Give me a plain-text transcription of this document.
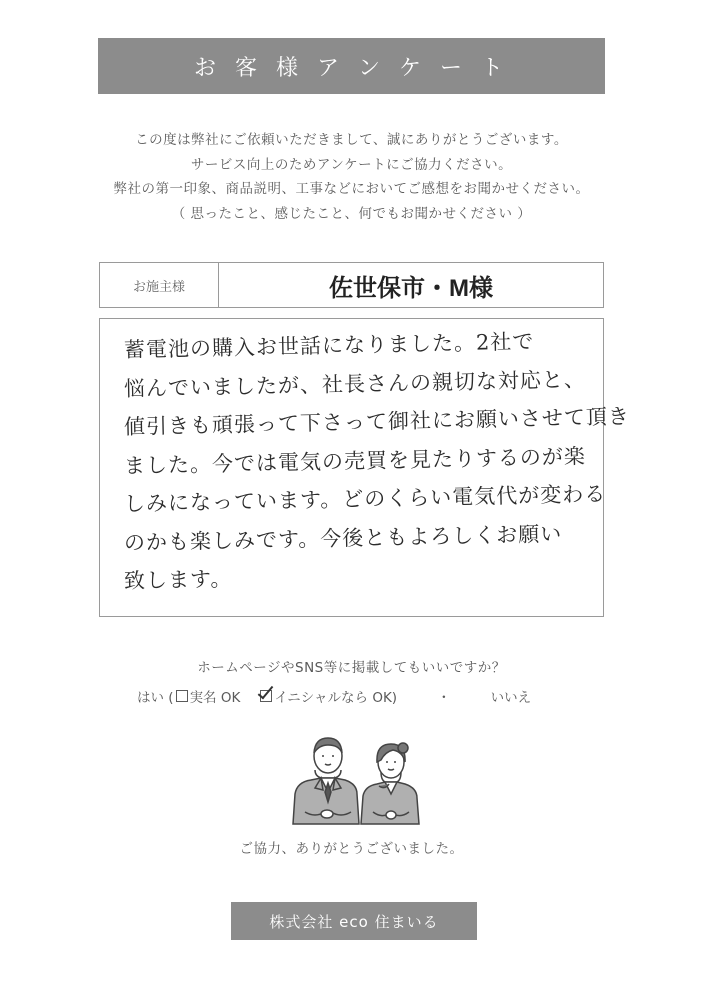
お 客 様 ア ン ケ ー ト
この度は弊社にご依頼いただきまして、誠にありがとうございます。
サービス向上のためアンケートにご協力ください。
弊社の第一印象、商品説明、工事などにおいてご感想をお聞かせください。
（ 思ったこと、感じたこと、何でもお聞かせください ）
お施主様	佐世保市・M様
蓄電池の購入お世話になりました。2社で
悩んでいましたが、社長さんの親切な対応と、
値引きも頑張って下さって御社にお願いさせて頂き
ました。今では電気の売買を見たりするのが楽
しみになっています。どのくらい電気代が変わる
のかも楽しみです。今後ともよろしくお願い
致します。
ホームページやSNS等に掲載してもいいですか？
はい ( 実名 OK	イニシャルなら OK)	・	いいえ
ご協力、ありがとうございました。
株式会社 eco 住まいる
